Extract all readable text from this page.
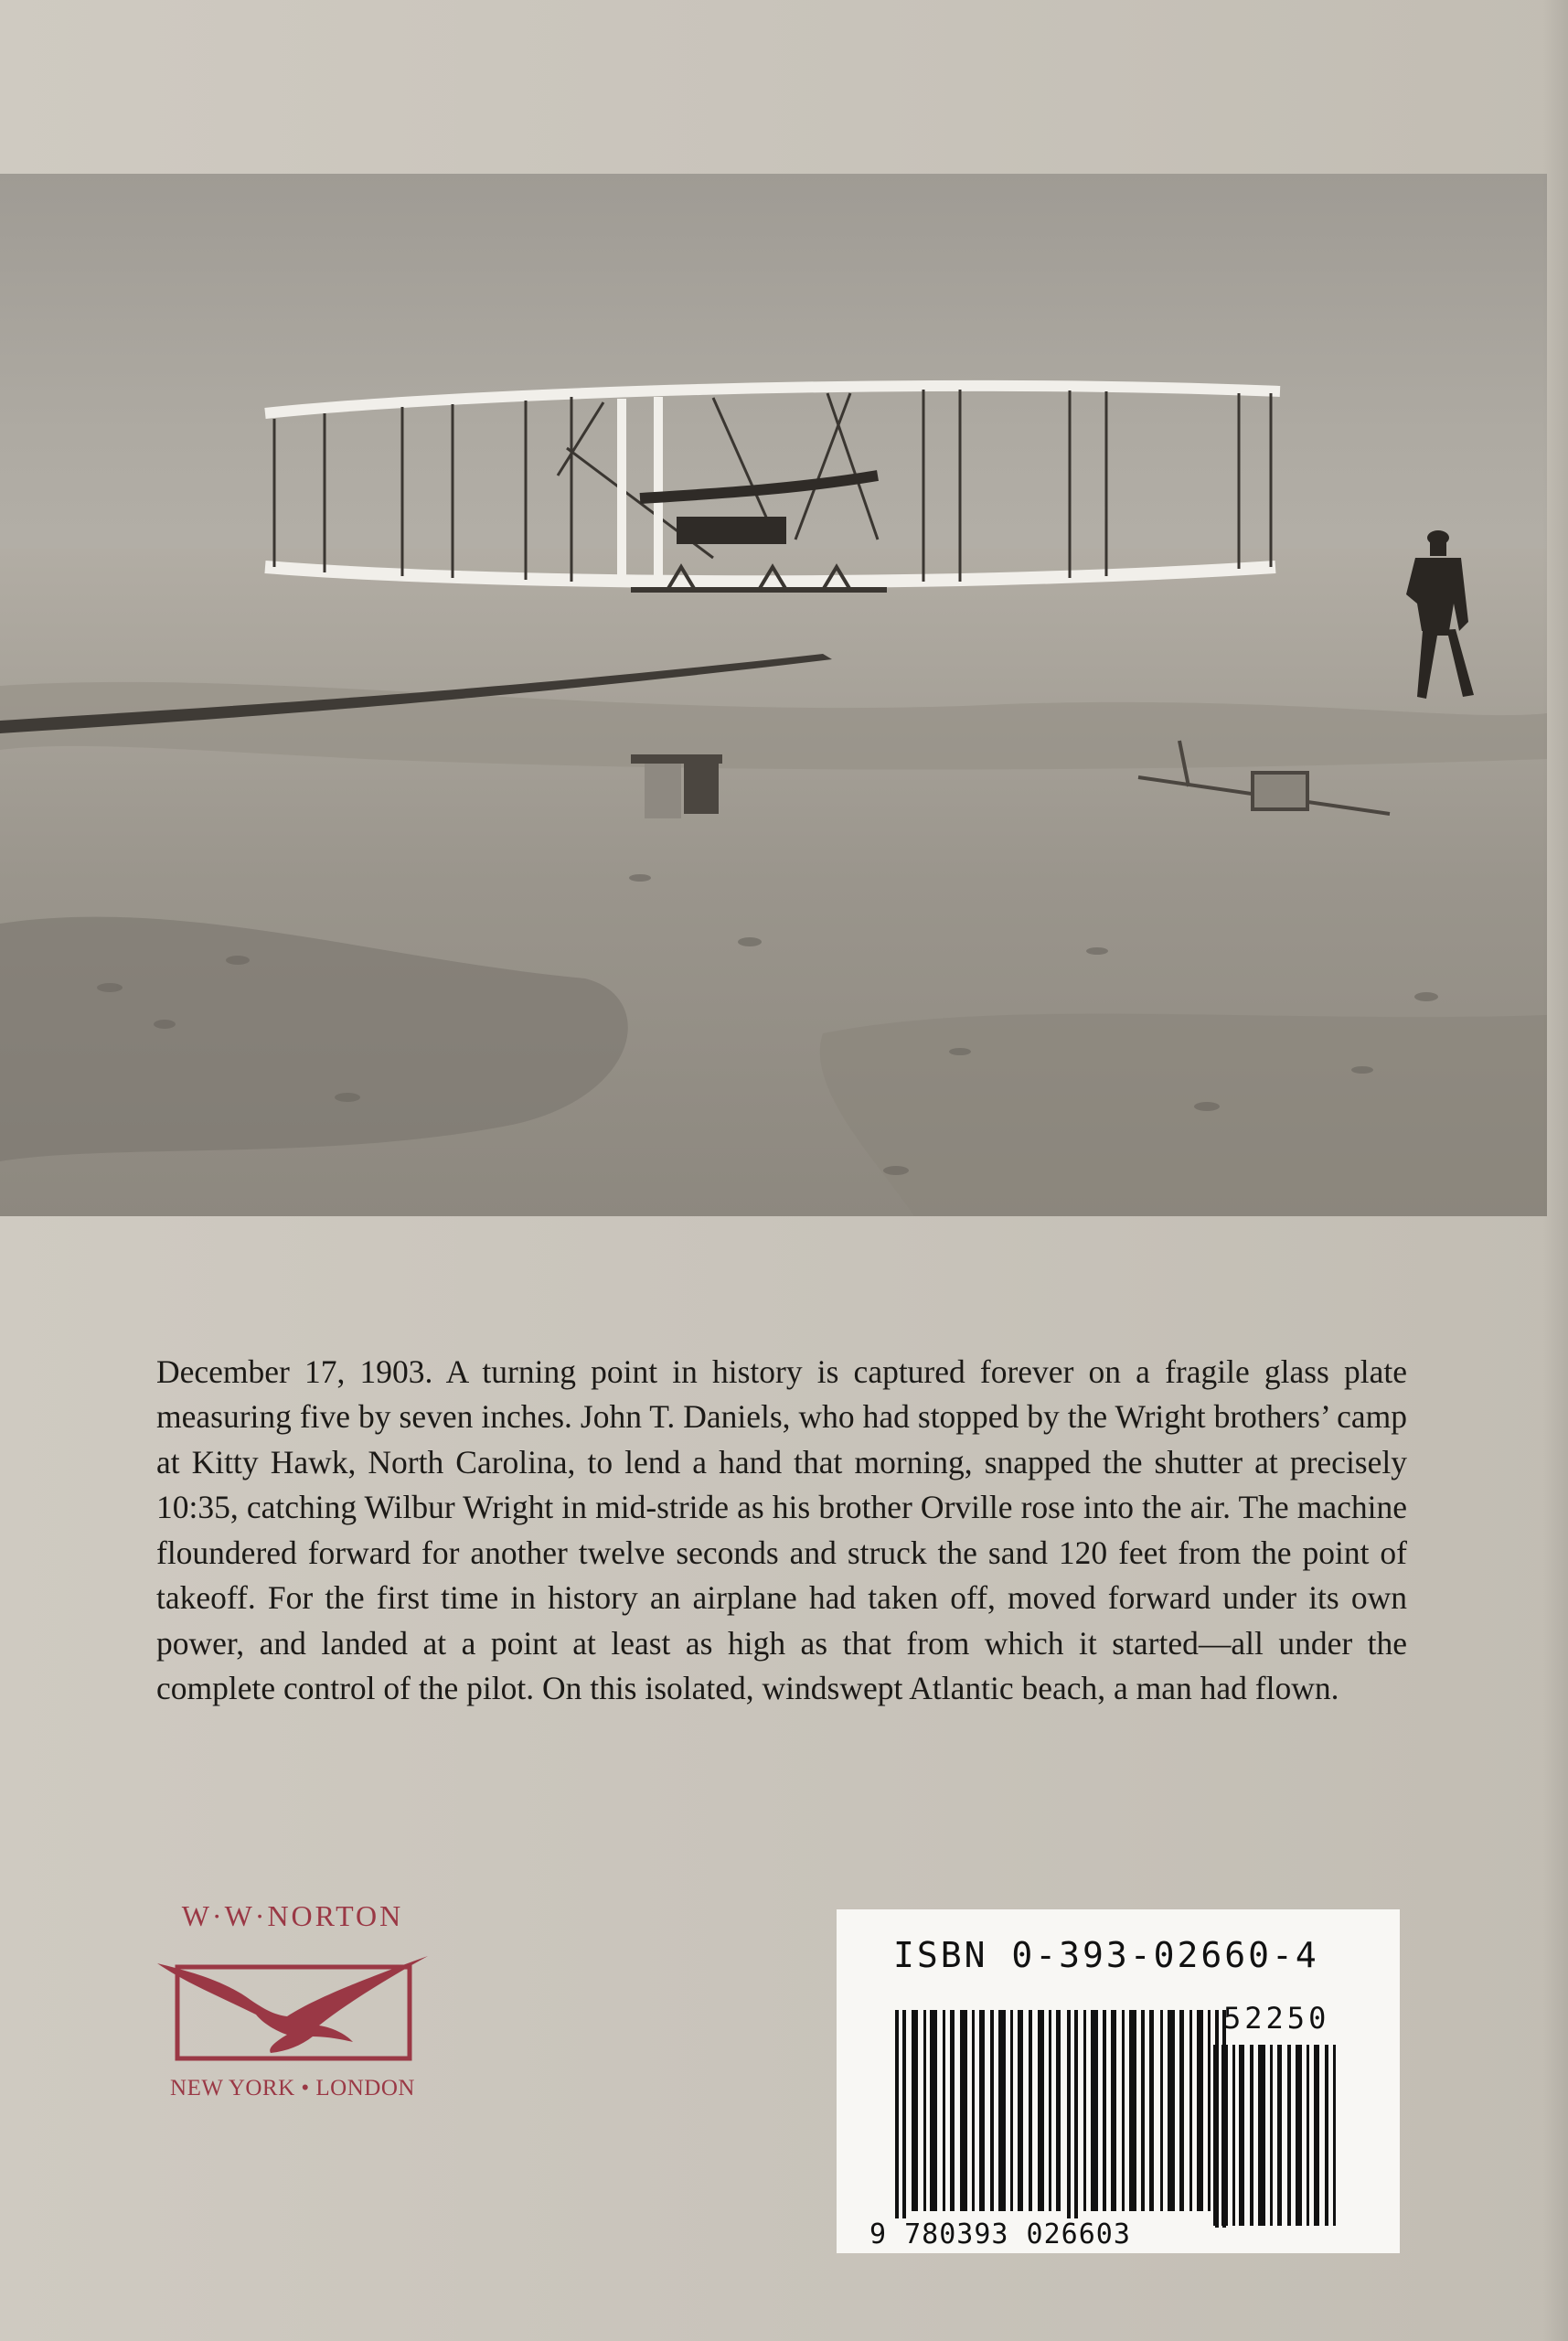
December 17, 1903. A turning point in history is captured forever on a fragile glass plate measuring five by seven inches. John T. Daniels, who had stopped by the Wright brothers’ camp at Kitty Hawk, North Carolina, to lend a hand that morning, snapped the shutter at precisely 10:35, catching Wilbur Wright in mid-stride as his brother Orville rose into the air. The machine floundered forward for another twelve seconds and struck the sand 120 feet from the point of takeoff. For the first time in history an airplane had taken off, moved forward under its own power, and landed at a point at least as high as that from which it started—all under the complete control of the pilot. On this isolated, windswept Atlantic beach, a man had flown.

W·W·NORTON
NEW YORK • LONDON
ISBN 0-393-02660-4
52250
9 780393 026603
